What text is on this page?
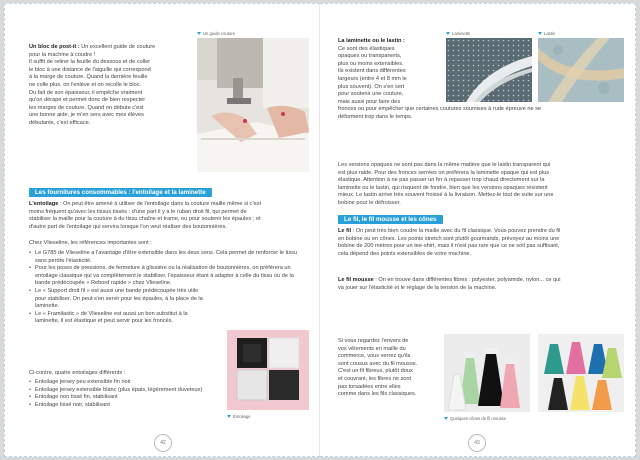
Un bloc de post-it : Un excellent guide de couture
pour la machine à coudre !
Il suffit de retirer la feuille du dessous et de coller
le bloc à une distance de l'aiguille qui correspond
à la marge de couture. Quand la dernière feuille
ne colle plus, on l'enlève et on recolle le bloc.
Du fait de son épaisseur, il empêche vraiment
qu'on dérape et permet donc de bien respecter
les marges de couture. Quand on débute c'est
une bonne aide, je m'en sers avec mes élèves
débutants, c'est efficace.
Un guide couture
Les fournitures consommables : l'entoilage et la laminette
L'entoilage : On peut être amené à utiliser de l'entoilage dans la couture maille même si c'est
moins fréquent qu'avec les tissus tissés : d'une part il y a le ruban droit fil, qui permet de
stabiliser la maille pour la couture à du tissu chaîne et trame, ou pour soutenir les épaules ; et
d'autre part de l'entoilage qui servira lorsque l'on veut réaliser des boutonnières.
Chez Vlieseline, les références importantes sont :
• Le G785 de Vlieseline a l'avantage d'être extensible dans les deux sens. Cela permet de renforcer le tissu sans perdre l'élasticité.
• Pour les poses de pressions, de fermeture à glissière ou la réalisation de boutonnières, on préférera un entoilage classique qui va complètement le stabiliser, l'épaisseur étant à adapter à celle du tissu ou de la bande prédécoupée « Rebord rapide » chez Vlieseline.
• Le « Support droit fil » est aussi une bande prédécoupée très utile pour stabiliser. On peut s'en servir pour les épaules, à la place de la laminette.
• Le « Framilastic » de Vlieseline est aussi un bon substitut à la laminette, il est élastique et peut servir pour les froncés.
Ci-contre, quatre entoilages différents :
• Entoilage jersey peu extensible fin noir
• Entoilage jersey extensible blanc (plus épais, légèrement duveteux)
• Entoilage non tissé fin, stabilisant
• Entoilage tissé noir, stabilisant
Entoilage
42
La laminette ou le lastin :
Ce sont des élastiques
opaques ou transparents,
plus ou moins extensibles.
Ils existent dans différentes
largeurs (entre 4 et 8 mm le
plus souvent). On s'en sert
pour soutenir une couture,
mais aussi pour faire des
fronces ou pour empêcher que certaines coutures soumises à rude épreuve ne se
déforment trop dans le temps.
Laminette	Lastin
Les versions opaques ne sont pas dans la même matière que le lastin transparent qui
est plus raide. Pour des fronces serrées on préférera la laminette opaque qui est plus
élastique. Attention à ne pas passer un fer à repasser trop chaud directement sur la
laminette ou le lastin, qui risquent de fondre, bien que les versions opaques résistent
mieux. Le lastin arrive très souvent froissé à la livraison. Mettez-le tout de suite sur une
bobine pour le défroisser.
Le fil, le fil mousse et les cônes
Le fil : On peut très bien coudre la maille avec du fil classique. Vous pouvez prendre du fil
en bobine ou en cônes. Les points stretch sont plutôt gourmands, prévoyez au moins une
bobine de 200 mètres pour un tee-shirt, mais il n'est pas rare que ce ne soit pas suffisant,
cela dépend des points extensibles de votre machine.
Le fil mousse : On en trouve dans différentes fibres : polyester, polyamide, nylon... ce qui
va jouer sur l'élasticité et le réglage de la tension de la machine.
Si vous regardez l'envers de
vos vêtements en maille du
commerce, vous verrez qu'ils
sont cousus avec du fil mousse.
C'est un fil fibreux, plutôt doux
et couvrant, les fibres ne sont
pas torsadées entre elles
comme dans les fils classiques.
Quelques cônes de fil mousse
43
